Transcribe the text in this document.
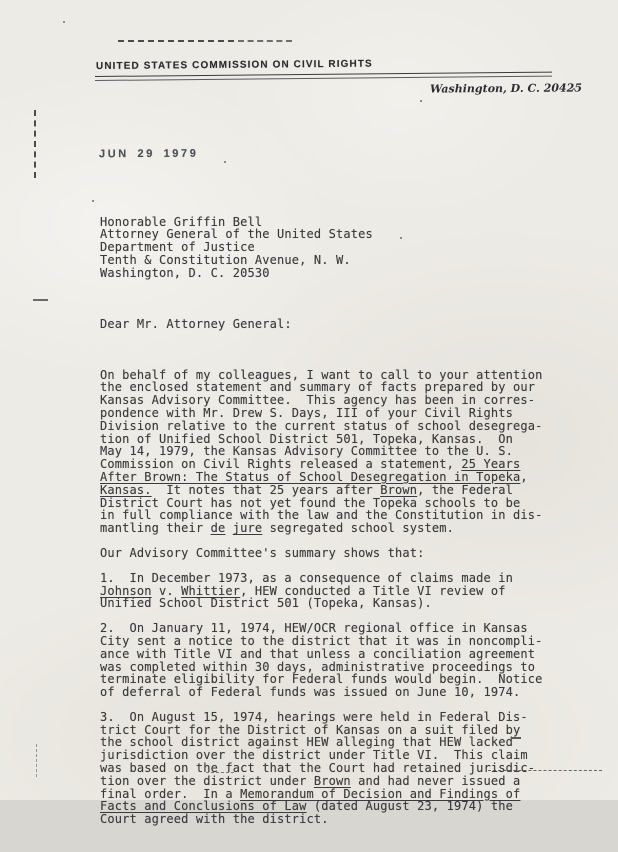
UNITED STATES COMMISSION ON CIVIL RIGHTS
Washington, D. C. 20425
JUN 29 1979

Honorable Griffin Bell
Attorney General of the United States
Department of Justice
Tenth & Constitution Avenue, N. W.
Washington, D. C. 20530

Dear Mr. Attorney General:

On behalf of my colleagues, I want to call to your attention
the enclosed statement and summary of facts prepared by our
Kansas Advisory Committee.  This agency has been in corres-
pondence with Mr. Drew S. Days, III of your Civil Rights
Division relative to the current status of school desegrega-
tion of Unified School District 501, Topeka, Kansas.  On
May 14, 1979, the Kansas Advisory Committee to the U. S.
Commission on Civil Rights released a statement, 25 Years
After Brown: The Status of School Desegregation in Topeka,
Kansas.  It notes that 25 years after Brown, the Federal
District Court has not yet found the Topeka schools to be
in full compliance with the law and the Constitution in dis-
mantling their de jure segregated school system.
Our Advisory Committee's summary shows that:
1.  In December 1973, as a consequence of claims made in
Johnson v. Whittier, HEW conducted a Title VI review of
Unified School District 501 (Topeka, Kansas).
2.  On January 11, 1974, HEW/OCR regional office in Kansas
City sent a notice to the district that it was in noncompli-
ance with Title VI and that unless a conciliation agreement
was completed within 30 days, administrative proceedings to
terminate eligibility for Federal funds would begin.  Notice
of deferral of Federal funds was issued on June 10, 1974.
3.  On August 15, 1974, hearings were held in Federal Dis-
trict Court for the District of Kansas on a suit filed by
the school district against HEW alleging that HEW lacked
jurisdiction over the district under Title VI.  This claim
was based on the fact that the Court had retained jurisdic-
tion over the district under Brown and had never issued a
final order.  In a Memorandum of Decision and Findings of
Facts and Conclusions of Law (dated August 23, 1974) the
Court agreed with the district.
